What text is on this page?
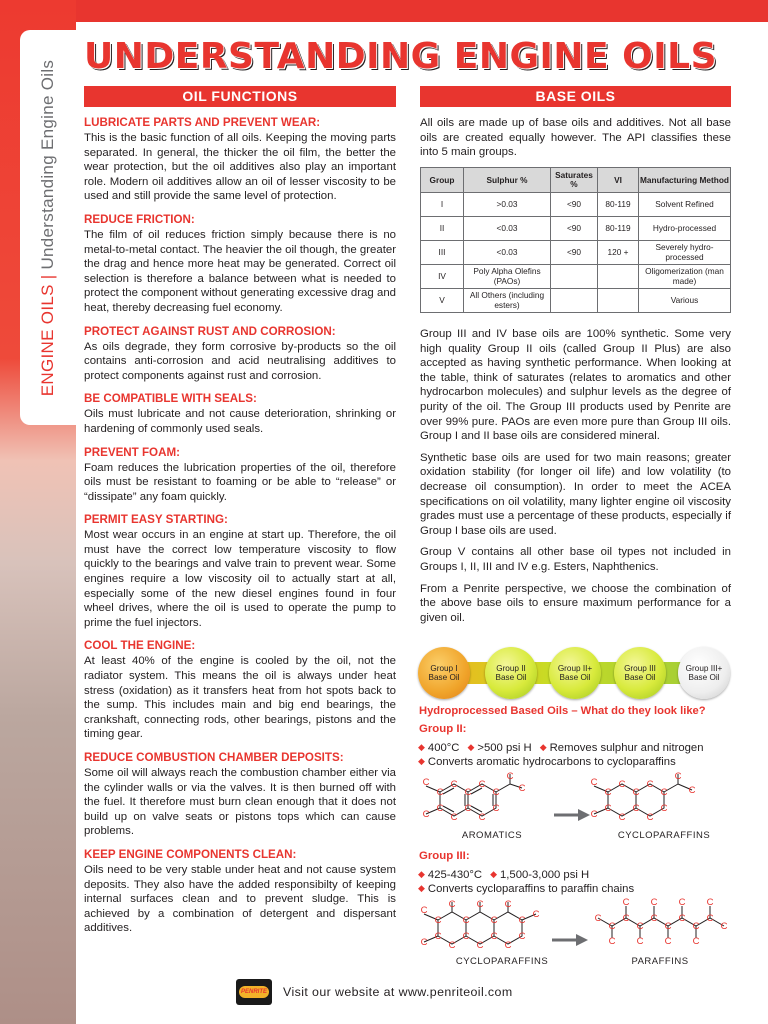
ENGINE OILS|Understanding Engine Oils
UNDERSTANDING ENGINE OILS
OIL FUNCTIONS	BASE OILS
LUBRICATE PARTS AND PREVENT WEAR:

This is the basic function of all oils. Keeping the moving parts separated. In general, the thicker the oil film, the better the wear protection, but the oil additives also play an important role. Modern oil additives allow an oil of lesser viscosity to be used and still provide the same level of protection.

REDUCE FRICTION:

The film of oil reduces friction simply because there is no metal-to-metal contact. The heavier the oil though, the greater the drag and hence more heat may be generated. Correct oil selection is therefore a balance between what is needed to protect the component without generating excessive drag and heat, thereby decreasing fuel economy.

PROTECT AGAINST RUST AND CORROSION:

As oils degrade, they form corrosive by-products so the oil contains anti-corrosion and acid neutralising additives to protect components against rust and corrosion.

BE COMPATIBLE WITH SEALS:

Oils must lubricate and not cause deterioration, shrinking or hardening of commonly used seals.

PREVENT FOAM:

Foam reduces the lubrication properties of the oil, therefore oils must be resistant to foaming or be able to “release” or “dissipate” any foam quickly.

PERMIT EASY STARTING:

Most wear occurs in an engine at start up. Therefore, the oil must have the correct low temperature viscosity to flow quickly to the bearings and valve train to prevent wear. Some engines require a low viscosity oil to actually start at all, especially some of the new diesel engines found in four wheel drives, where the oil is used to operate the pump to prime the fuel injectors.

COOL THE ENGINE:

At least 40% of the engine is cooled by the oil, not the radiator system. This means the oil is always under heat stress (oxidation) as it transfers heat from hot spots back to the sump. This includes main and big end bearings, the crankshaft, connecting rods, other bearings, pistons and the timing gear.

REDUCE COMBUSTION CHAMBER DEPOSITS:

Some oil will always reach the combustion chamber either via the cylinder walls or via the valves. It is then burned off with the fuel. It therefore must burn clean enough that it does not build up on valve seats or pistons tops which can cause problems.

KEEP ENGINE COMPONENTS CLEAN:

Oils need to be very stable under heat and not cause system deposits. They also have the added responsibilty of keeping internal surfaces clean and to prevent sludge. This is achieved by a combination of detergent and dispersant additives.

All oils are made up of base oils and additives. Not all base oils are created equally however. The API classifies these into 5 main groups.

Group	Sulphur %	Saturates %	VI	Manufacturing Method
I	>0.03	<90	80-119	Solvent Refined
II	<0.03	<90	80-119	Hydro-processed
III	<0.03	<90	120 +	Severely hydro-processed
IV	Poly Alpha Olefins (PAOs)			Oligomerization (man made)
V	All Others (including esters)			Various

Group III and IV base oils are 100% synthetic. Some very high quality Group II oils (called Group II Plus) are also accepted as having synthetic performance. When looking at the table, think of saturates (relates to aromatics and other hydrocarbon molecules) and sulphur levels as the degree of purity of the oil. The Group III products used by Penrite are over 99% pure. PAOs are even more pure than Group III oils. Group I and II base oils are considered mineral.

Synthetic base oils are used for two main reasons; greater oxidation stability (for longer oil life) and low volatility (to decrease oil consumption). In order to meet the ACEA specifications on oil volatility, many lighter engine oil viscosity grades must use a percentage of these products, especially if Group I base oils are used.

Group V contains all other base oil types not included in Groups I, II, III and IV e.g. Esters, Naphthenics.

From a Penrite perspective, we choose the combination of the above base oils to ensure maximum performance for a given oil.

Group I Base Oil
Group II Base Oil
Group II+ Base Oil
Group III Base Oil
Group III+ Base Oil
Hydroprocessed Based Oils – What do they look like?
Group II:
◆ 400°C ◆ >500 psi H ◆ Removes sulphur and nitrogen
◆ Converts aromatic hydrocarbons to cycloparaffins
C
C
C
C
C
C
C
C
C
C
C
C
C
C
C
C
C
C
C
C
C
C
C
C
C
C
C
C
AROMATICS	CYCLOPARAFFINS
Group III:
◆ 425-430°C ◆ 1,500-3,000 psi H
◆ Converts cycloparaffins to paraffin chains
C
C
C
C
C
C
C
C
C
C
C
C
C
C
C
C
C
C
C
C
C
C
C
C
C
C
C
C C C C
C C C C
CYCLOPARAFFINS	PARAFFINS
PENRITE Visit our website at www.penriteoil.com
